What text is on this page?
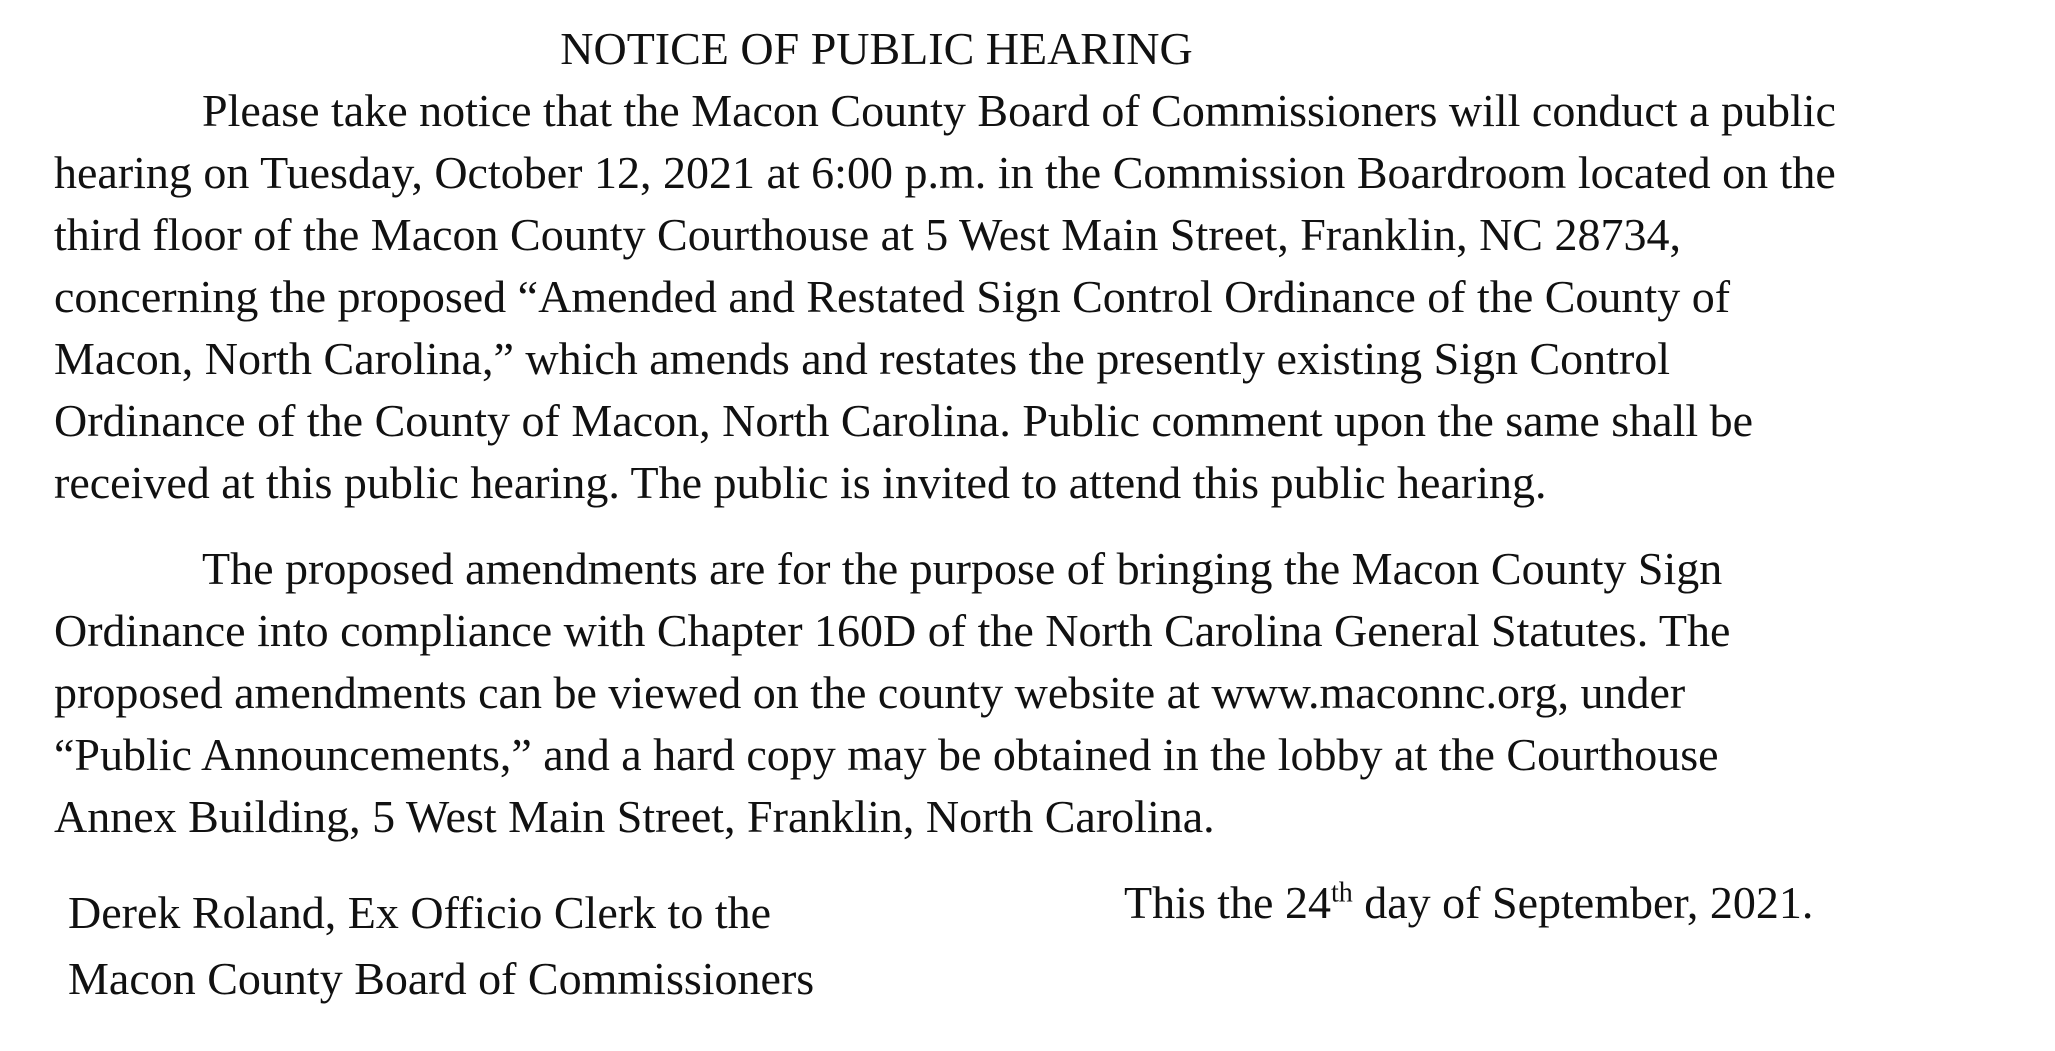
NOTICE OF PUBLIC HEARING

Please take notice that the Macon County Board of Commissioners will conduct a public
hearing on Tuesday, October 12, 2021 at 6:00 p.m. in the Commission Boardroom located on the
third floor of the Macon County Courthouse at 5 West Main Street, Franklin, NC 28734,
concerning the proposed “Amended and Restated Sign Control Ordinance of the County of
Macon, North Carolina,” which amends and restates the presently existing Sign Control
Ordinance of the County of Macon, North Carolina. Public comment upon the same shall be
received at this public hearing. The public is invited to attend this public hearing.

The proposed amendments are for the purpose of bringing the Macon County Sign
Ordinance into compliance with Chapter 160D of the North Carolina General Statutes. The
proposed amendments can be viewed on the county website at www.maconnc.org, under
“Public Announcements,” and a hard copy may be obtained in the lobby at the Courthouse
Annex Building, 5 West Main Street, Franklin, North Carolina.

Derek Roland, Ex Officio Clerk to the
Macon County Board of Commissioners
This the 24th day of September, 2021.
